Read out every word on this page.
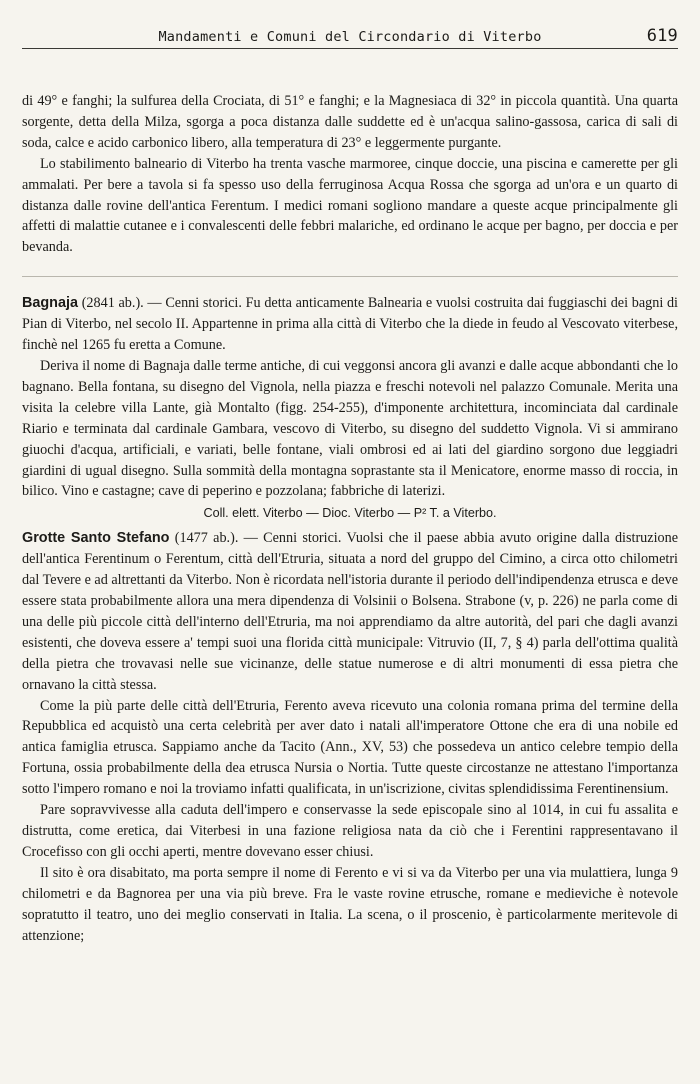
Mandamenti e Comuni del Circondario di Viterbo	619

di 49° e fanghi; la sulfurea della Crociata, di 51° e fanghi; e la Magnesiaca di 32° in piccola quantità. Una quarta sorgente, detta della Milza, sgorga a poca distanza dalle suddette ed è un'acqua salino-gassosa, carica di sali di soda, calce e acido carbonico libero, alla temperatura di 23° e leggermente purgante.

Lo stabilimento balneario di Viterbo ha trenta vasche marmoree, cinque doccie, una piscina e camerette per gli ammalati. Per bere a tavola si fa spesso uso della ferruginosa Acqua Rossa che sgorga ad un'ora e un quarto di distanza dalle rovine dell'antica Ferentum. I medici romani sogliono mandare a queste acque principalmente gli affetti di malattie cutanee e i convalescenti delle febbri malariche, ed ordinano le acque per bagno, per doccia e per bevanda.

Bagnaja (2841 ab.). — Cenni storici. Fu detta anticamente Balnearia e vuolsi costruita dai fuggiaschi dei bagni di Pian di Viterbo, nel secolo II. Appartenne in prima alla città di Viterbo che la diede in feudo al Vescovato viterbese, finchè nel 1265 fu eretta a Comune.

Deriva il nome di Bagnaja dalle terme antiche, di cui veggonsi ancora gli avanzi e dalle acque abbondanti che lo bagnano. Bella fontana, su disegno del Vignola, nella piazza e freschi notevoli nel palazzo Comunale. Merita una visita la celebre villa Lante, già Montalto (figg. 254-255), d'imponente architettura, incominciata dal cardinale Riario e terminata dal cardinale Gambara, vescovo di Viterbo, su disegno del suddetto Vignola. Vi si ammirano giuochi d'acqua, artificiali, e variati, belle fontane, viali ombrosi ed ai lati del giardino sorgono due leggiadri giardini di ugual disegno. Sulla sommità della montagna soprastante sta il Menicatore, enorme masso di roccia, in bilico. Vino e castagne; cave di peperino e pozzolana; fabbriche di laterizi.

Coll. elett. Viterbo — Dioc. Viterbo — P² T. a Viterbo.

Grotte Santo Stefano (1477 ab.). — Cenni storici. Vuolsi che il paese abbia avuto origine dalla distruzione dell'antica Ferentinum o Ferentum, città dell'Etruria, situata a nord del gruppo del Cimino, a circa otto chilometri dal Tevere e ad altrettanti da Viterbo. Non è ricordata nell'istoria durante il periodo dell'indipendenza etrusca e deve essere stata probabilmente allora una mera dipendenza di Volsinii o Bolsena. Strabone (v, p. 226) ne parla come di una delle più piccole città dell'interno dell'Etruria, ma noi apprendiamo da altre autorità, del pari che dagli avanzi esistenti, che doveva essere a' tempi suoi una florida città municipale: Vitruvio (II, 7, § 4) parla dell'ottima qualità della pietra che trovavasi nelle sue vicinanze, delle statue numerose e di altri monumenti di essa pietra che ornavano la città stessa.

Come la più parte delle città dell'Etruria, Ferento aveva ricevuto una colonia romana prima del termine della Repubblica ed acquistò una certa celebrità per aver dato i natali all'imperatore Ottone che era di una nobile ed antica famiglia etrusca. Sappiamo anche da Tacito (Ann., XV, 53) che possedeva un antico celebre tempio della Fortuna, ossia probabilmente della dea etrusca Nursia o Nortia. Tutte queste circostanze ne attestano l'importanza sotto l'impero romano e noi la troviamo infatti qualificata, in un'iscrizione, civitas splendidissima Ferentinensium.

Pare sopravvivesse alla caduta dell'impero e conservasse la sede episcopale sino al 1014, in cui fu assalita e distrutta, come eretica, dai Viterbesi in una fazione religiosa nata da ciò che i Ferentini rappresentavano il Crocefisso con gli occhi aperti, mentre dovevano esser chiusi.

Il sito è ora disabitato, ma porta sempre il nome di Ferento e vi si va da Viterbo per una via mulattiera, lunga 9 chilometri e da Bagnorea per una via più breve. Fra le vaste rovine etrusche, romane e medieviche è notevole sopratutto il teatro, uno dei meglio conservati in Italia. La scena, o il proscenio, è particolarmente meritevole di attenzione;
